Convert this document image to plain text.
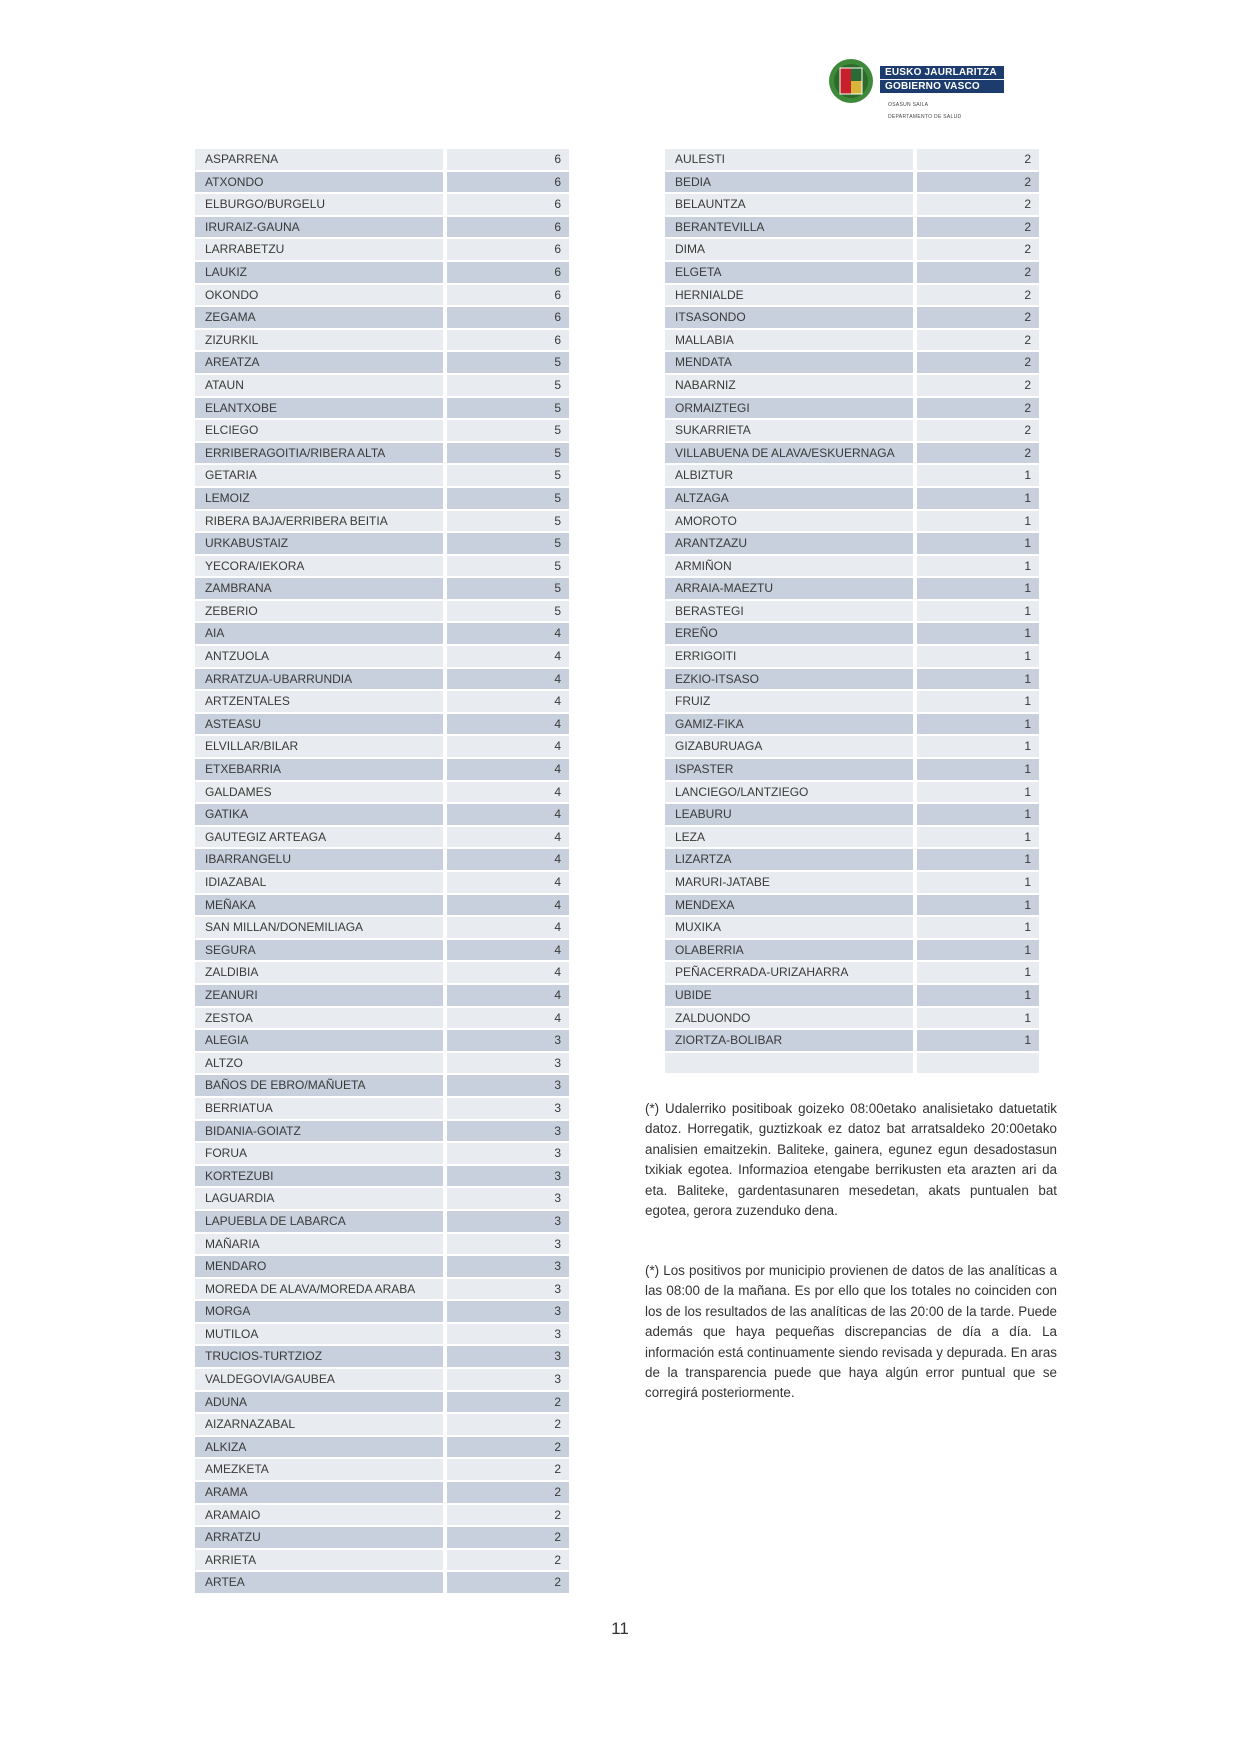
EUSKO JAURLARITZA
GOBIERNO VASCO
OSASUN SAILA
DEPARTAMENTO DE SALUD
ASPARRENA	6
ATXONDO	6
ELBURGO/BURGELU	6
IRURAIZ-GAUNA	6
LARRABETZU	6
LAUKIZ	6
OKONDO	6
ZEGAMA	6
ZIZURKIL	6
AREATZA	5
ATAUN	5
ELANTXOBE	5
ELCIEGO	5
ERRIBERAGOITIA/RIBERA ALTA	5
GETARIA	5
LEMOIZ	5
RIBERA BAJA/ERRIBERA BEITIA	5
URKABUSTAIZ	5
YECORA/IEKORA	5
ZAMBRANA	5
ZEBERIO	5
AIA	4
ANTZUOLA	4
ARRATZUA-UBARRUNDIA	4
ARTZENTALES	4
ASTEASU	4
ELVILLAR/BILAR	4
ETXEBARRIA	4
GALDAMES	4
GATIKA	4
GAUTEGIZ ARTEAGA	4
IBARRANGELU	4
IDIAZABAL	4
MEÑAKA	4
SAN MILLAN/DONEMILIAGA	4
SEGURA	4
ZALDIBIA	4
ZEANURI	4
ZESTOA	4
ALEGIA	3
ALTZO	3
BAÑOS DE EBRO/MAÑUETA	3
BERRIATUA	3
BIDANIA-GOIATZ	3
FORUA	3
KORTEZUBI	3
LAGUARDIA	3
LAPUEBLA DE LABARCA	3
MAÑARIA	3
MENDARO	3
MOREDA DE ALAVA/MOREDA ARABA	3
MORGA	3
MUTILOA	3
TRUCIOS-TURTZIOZ	3
VALDEGOVIA/GAUBEA	3
ADUNA	2
AIZARNAZABAL	2
ALKIZA	2
AMEZKETA	2
ARAMA	2
ARAMAIO	2
ARRATZU	2
ARRIETA	2
ARTEA	2
AULESTI	2
BEDIA	2
BELAUNTZA	2
BERANTEVILLA	2
DIMA	2
ELGETA	2
HERNIALDE	2
ITSASONDO	2
MALLABIA	2
MENDATA	2
NABARNIZ	2
ORMAIZTEGI	2
SUKARRIETA	2
VILLABUENA DE ALAVA/ESKUERNAGA	2
ALBIZTUR	1
ALTZAGA	1
AMOROTO	1
ARANTZAZU	1
ARMIÑON	1
ARRAIA-MAEZTU	1
BERASTEGI	1
EREÑO	1
ERRIGOITI	1
EZKIO-ITSASO	1
FRUIZ	1
GAMIZ-FIKA	1
GIZABURUAGA	1
ISPASTER	1
LANCIEGO/LANTZIEGO	1
LEABURU	1
LEZA	1
LIZARTZA	1
MARURI-JATABE	1
MENDEXA	1
MUXIKA	1
OLABERRIA	1
PEÑACERRADA-URIZAHARRA	1
UBIDE	1
ZALDUONDO	1
ZIORTZA-BOLIBAR	1
(*) Udalerriko positiboak goizeko 08:00etako analisietako datuetatik datoz. Horregatik, guztizkoak ez datoz bat arratsaldeko 20:00etako analisien emaitzekin. Baliteke, gainera, egunez egun desadostasun txikiak egotea. Informazioa etengabe berrikusten eta arazten ari da eta. Baliteke, gardentasunaren mesedetan, akats puntualen bat egotea, gerora zuzenduko dena.
(*) Los positivos por municipio provienen de datos de las analíticas a las 08:00 de la mañana. Es por ello que los totales no coinciden con los de los resultados de las analíticas de las 20:00 de la tarde. Puede además que haya pequeñas discrepancias de día a día. La información está continuamente siendo revisada y depurada. En aras de la transparencia puede que haya algún error puntual que se corregirá posteriormente.
11
